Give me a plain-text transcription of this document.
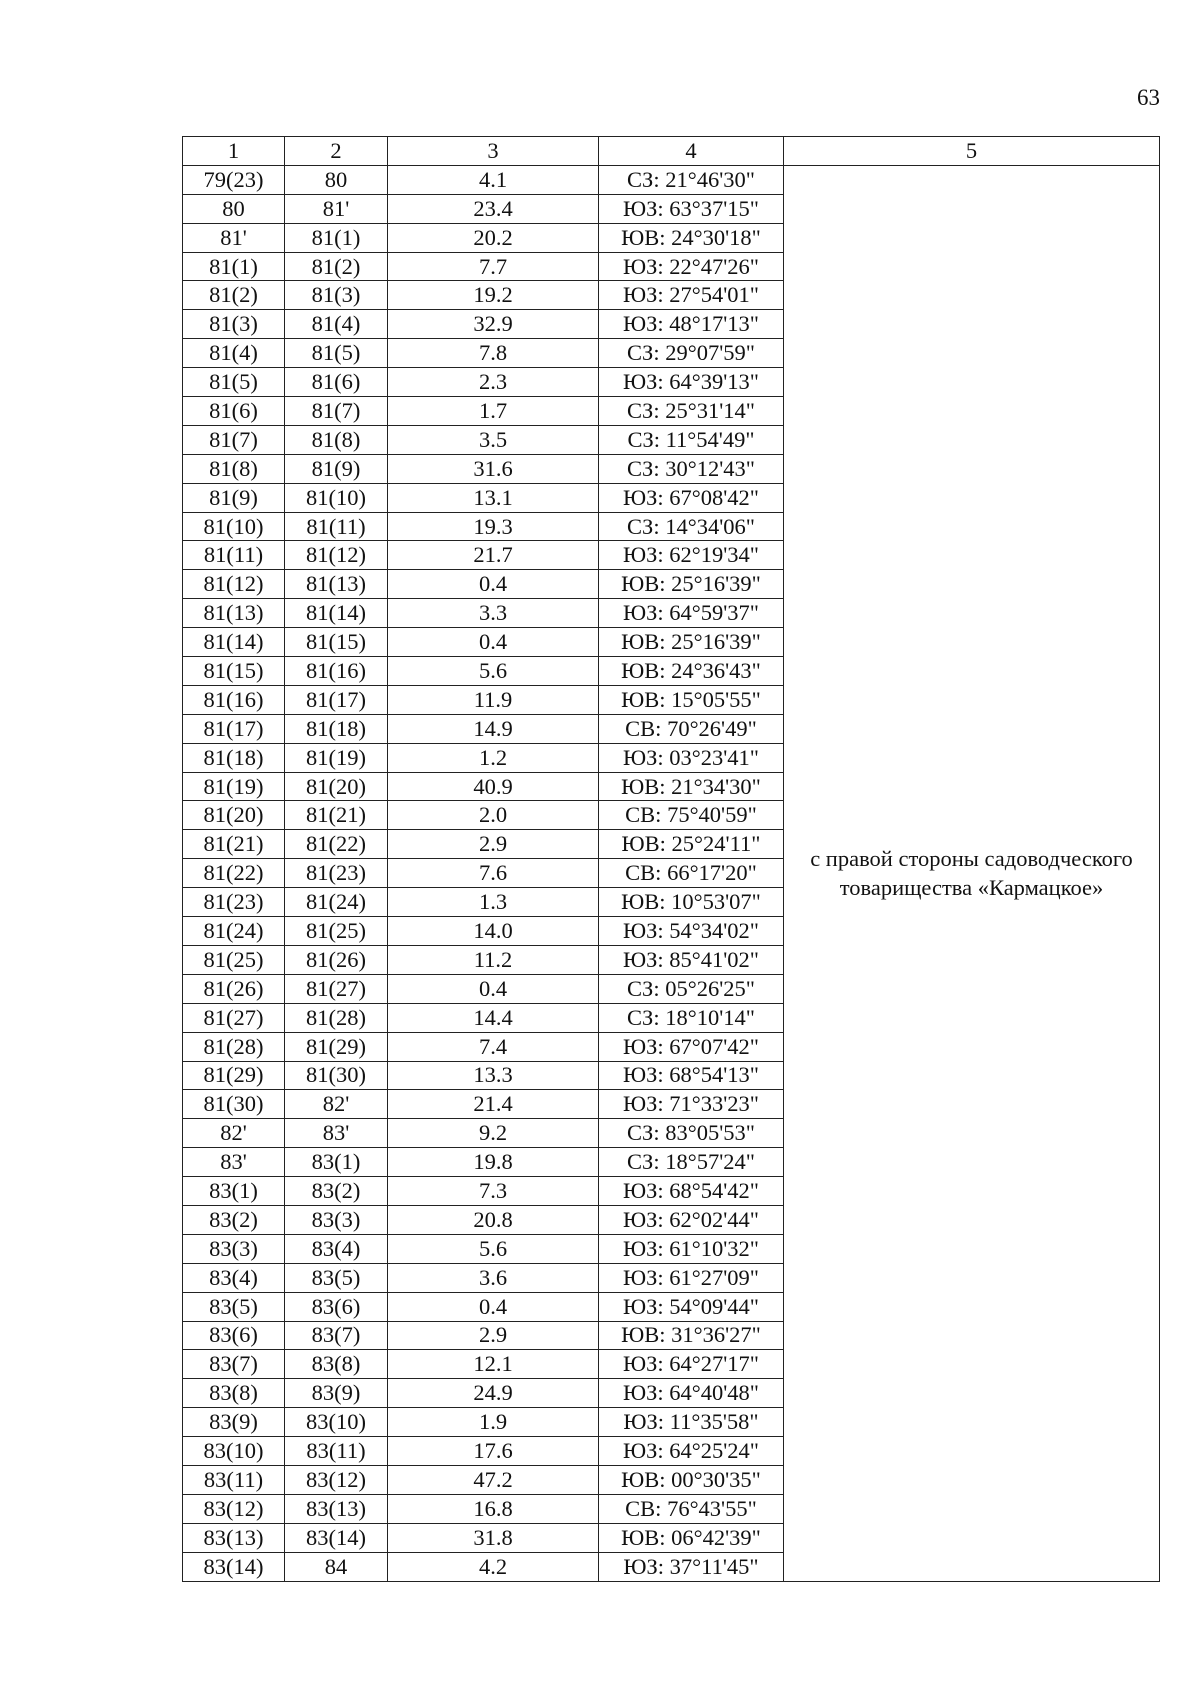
63
1	2	3	4	5
79(23)	80	4.1	СЗ: 21°46'30"	с правой стороны садоводческого
товарищества «Кармацкое»

80	81'	23.4	ЮЗ: 63°37'15"	
81'	81(1)	20.2	ЮВ: 24°30'18"	
81(1)	81(2)	7.7	ЮЗ: 22°47'26"	
81(2)	81(3)	19.2	ЮЗ: 27°54'01"	
81(3)	81(4)	32.9	ЮЗ: 48°17'13"	
81(4)	81(5)	7.8	СЗ: 29°07'59"	
81(5)	81(6)	2.3	ЮЗ: 64°39'13"	
81(6)	81(7)	1.7	СЗ: 25°31'14"	
81(7)	81(8)	3.5	СЗ: 11°54'49"	
81(8)	81(9)	31.6	СЗ: 30°12'43"	
81(9)	81(10)	13.1	ЮЗ: 67°08'42"	
81(10)	81(11)	19.3	СЗ: 14°34'06"	
81(11)	81(12)	21.7	ЮЗ: 62°19'34"	
81(12)	81(13)	0.4	ЮВ: 25°16'39"	
81(13)	81(14)	3.3	ЮЗ: 64°59'37"	
81(14)	81(15)	0.4	ЮВ: 25°16'39"	
81(15)	81(16)	5.6	ЮВ: 24°36'43"	
81(16)	81(17)	11.9	ЮВ: 15°05'55"	
81(17)	81(18)	14.9	СВ: 70°26'49"	
81(18)	81(19)	1.2	ЮЗ: 03°23'41"	
81(19)	81(20)	40.9	ЮВ: 21°34'30"	
81(20)	81(21)	2.0	СВ: 75°40'59"	
81(21)	81(22)	2.9	ЮВ: 25°24'11"	
81(22)	81(23)	7.6	СВ: 66°17'20"	
81(23)	81(24)	1.3	ЮВ: 10°53'07"	
81(24)	81(25)	14.0	ЮЗ: 54°34'02"	
81(25)	81(26)	11.2	ЮЗ: 85°41'02"	
81(26)	81(27)	0.4	СЗ: 05°26'25"	
81(27)	81(28)	14.4	СЗ: 18°10'14"	
81(28)	81(29)	7.4	ЮЗ: 67°07'42"	
81(29)	81(30)	13.3	ЮЗ: 68°54'13"	
81(30)	82'	21.4	ЮЗ: 71°33'23"	
82'	83'	9.2	СЗ: 83°05'53"	
83'	83(1)	19.8	СЗ: 18°57'24"	
83(1)	83(2)	7.3	ЮЗ: 68°54'42"	
83(2)	83(3)	20.8	ЮЗ: 62°02'44"	
83(3)	83(4)	5.6	ЮЗ: 61°10'32"	
83(4)	83(5)	3.6	ЮЗ: 61°27'09"	
83(5)	83(6)	0.4	ЮЗ: 54°09'44"	
83(6)	83(7)	2.9	ЮВ: 31°36'27"	
83(7)	83(8)	12.1	ЮЗ: 64°27'17"	
83(8)	83(9)	24.9	ЮЗ: 64°40'48"	
83(9)	83(10)	1.9	ЮЗ: 11°35'58"	
83(10)	83(11)	17.6	ЮЗ: 64°25'24"	
83(11)	83(12)	47.2	ЮВ: 00°30'35"	
83(12)	83(13)	16.8	СВ: 76°43'55"	
83(13)	83(14)	31.8	ЮВ: 06°42'39"	
83(14)	84	4.2	ЮЗ: 37°11'45"	
